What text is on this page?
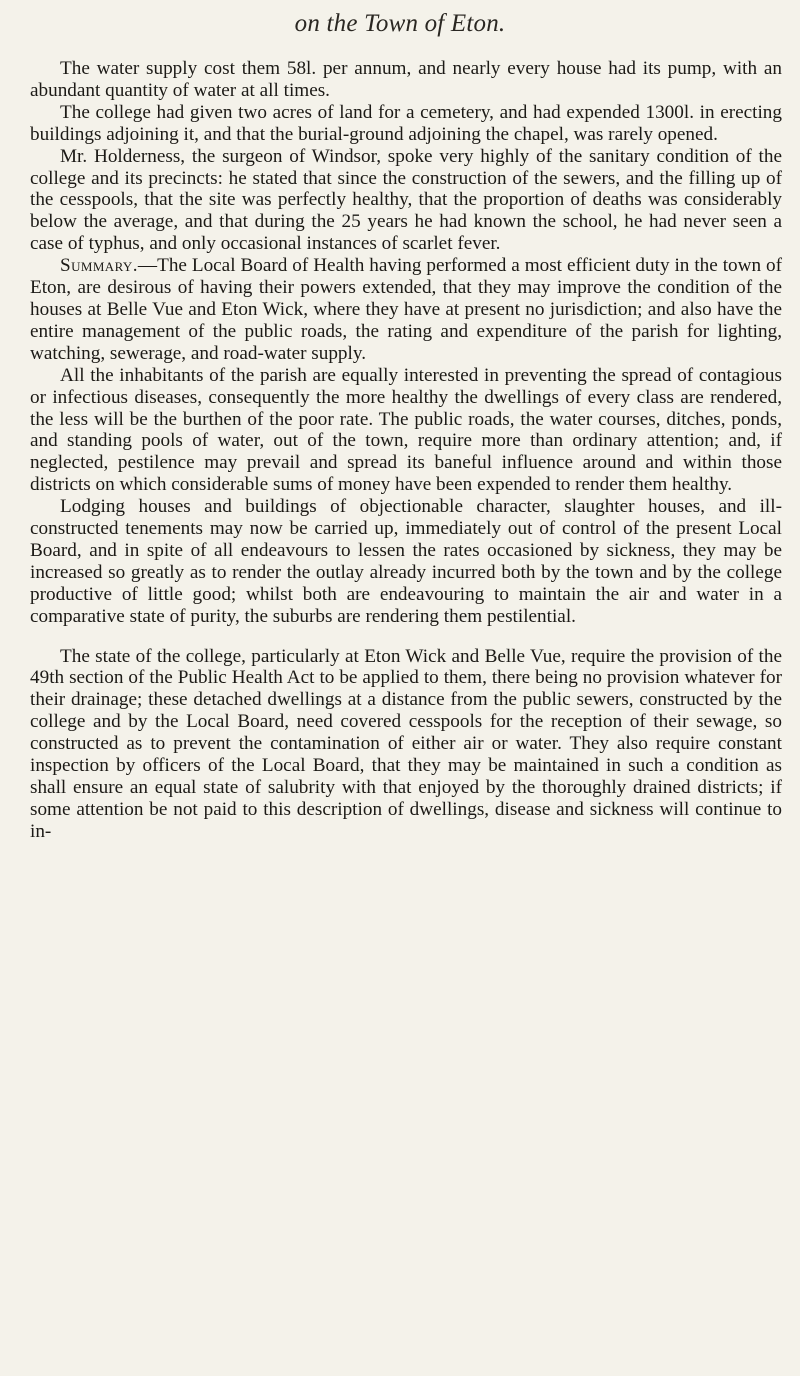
on the Town of Eton.

The water supply cost them 58l. per annum, and nearly every house had its pump, with an abundant quantity of water at all times.

The college had given two acres of land for a cemetery, and had expended 1300l. in erecting buildings adjoining it, and that the burial-ground adjoining the chapel, was rarely opened.

Mr. Holderness, the surgeon of Windsor, spoke very highly of the sanitary condition of the college and its precincts: he stated that since the construction of the sewers, and the filling up of the cesspools, that the site was perfectly healthy, that the proportion of deaths was considerably below the average, and that during the 25 years he had known the school, he had never seen a case of typhus, and only occasional instances of scarlet fever.

Summary.—The Local Board of Health having performed a most efficient duty in the town of Eton, are desirous of having their powers extended, that they may improve the condition of the houses at Belle Vue and Eton Wick, where they have at present no jurisdiction; and also have the entire management of the public roads, the rating and expenditure of the parish for lighting, watching, sewerage, and road-water supply.

All the inhabitants of the parish are equally interested in preventing the spread of contagious or infectious diseases, consequently the more healthy the dwellings of every class are rendered, the less will be the burthen of the poor rate. The public roads, the water courses, ditches, ponds, and standing pools of water, out of the town, require more than ordinary attention; and, if neglected, pestilence may prevail and spread its baneful influence around and within those districts on which considerable sums of money have been expended to render them healthy.

Lodging houses and buildings of objectionable character, slaughter houses, and ill-constructed tenements may now be carried up, immediately out of control of the present Local Board, and in spite of all endeavours to lessen the rates occasioned by sickness, they may be increased so greatly as to render the outlay already incurred both by the town and by the college productive of little good; whilst both are endeavouring to maintain the air and water in a comparative state of purity, the suburbs are rendering them pestilential.

The state of the college, particularly at Eton Wick and Belle Vue, require the provision of the 49th section of the Public Health Act to be applied to them, there being no provision whatever for their drainage; these detached dwellings at a distance from the public sewers, constructed by the college and by the Local Board, need covered cesspools for the reception of their sewage, so constructed as to prevent the contamination of either air or water. They also require constant inspection by officers of the Local Board, that they may be maintained in such a condition as shall ensure an equal state of salubrity with that enjoyed by the thoroughly drained districts; if some attention be not paid to this description of dwellings, disease and sickness will continue to in-
